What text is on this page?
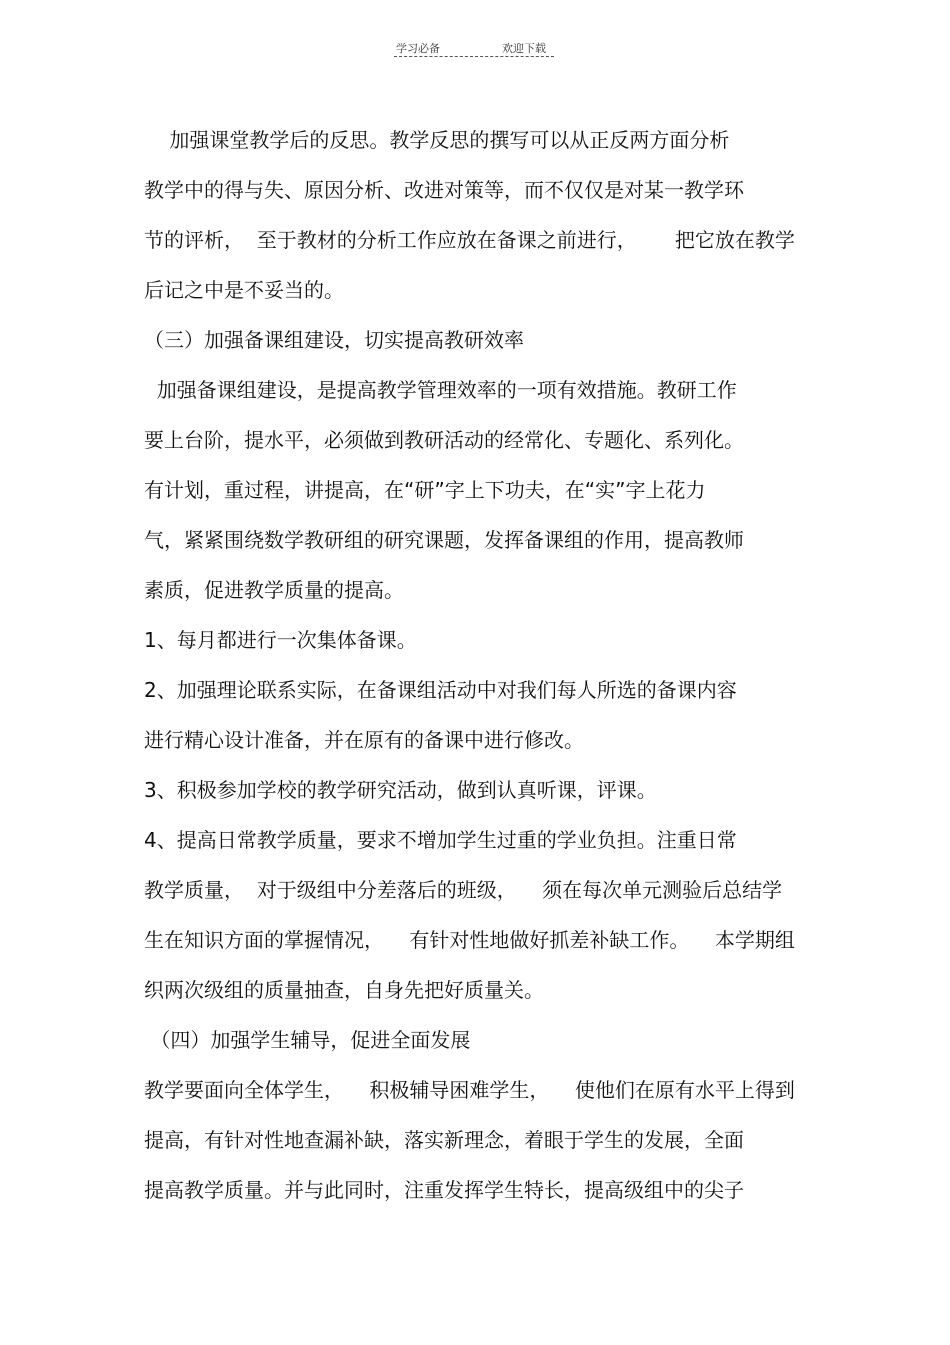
学习必备	欢迎下载
加强课堂教学后的反思。教学反思的撰写可以从正反两方面分析
教学中的得与失、原因分析、改进对策等，而不仅仅是对某一教学环
节的评析，  至于教材的分析工作应放在备课之前进行，      把它放在教学
后记之中是不妥当的。
（三）加强备课组建设，切实提高教研效率
加强备课组建设，是提高教学管理效率的一项有效措施。教研工作
要上台阶，提水平，必须做到教研活动的经常化、专题化、系列化。
有计划，重过程，讲提高，在“研”字上下功夫，在“实”字上花力
气，紧紧围绕数学教研组的研究课题，发挥备课组的作用，提高教师
素质，促进教学质量的提高。
1、每月都进行一次集体备课。
2、加强理论联系实际，在备课组活动中对我们每人所选的备课内容
进行精心设计准备，并在原有的备课中进行修改。
3、积极参加学校的教学研究活动，做到认真听课，评课。
4、提高日常教学质量，要求不增加学生过重的学业负担。注重日常
教学质量，  对于级组中分差落后的班级，    须在每次单元测验后总结学
生在知识方面的掌握情况，    有针对性地做好抓差补缺工作。    本学期组
织两次级组的质量抽查，自身先把好质量关。
（四）加强学生辅导，促进全面发展
教学要面向全体学生，    积极辅导困难学生，    使他们在原有水平上得到
提高，有针对性地查漏补缺，落实新理念，着眼于学生的发展，全面
提高教学质量。并与此同时，注重发挥学生特长，提高级组中的尖子
